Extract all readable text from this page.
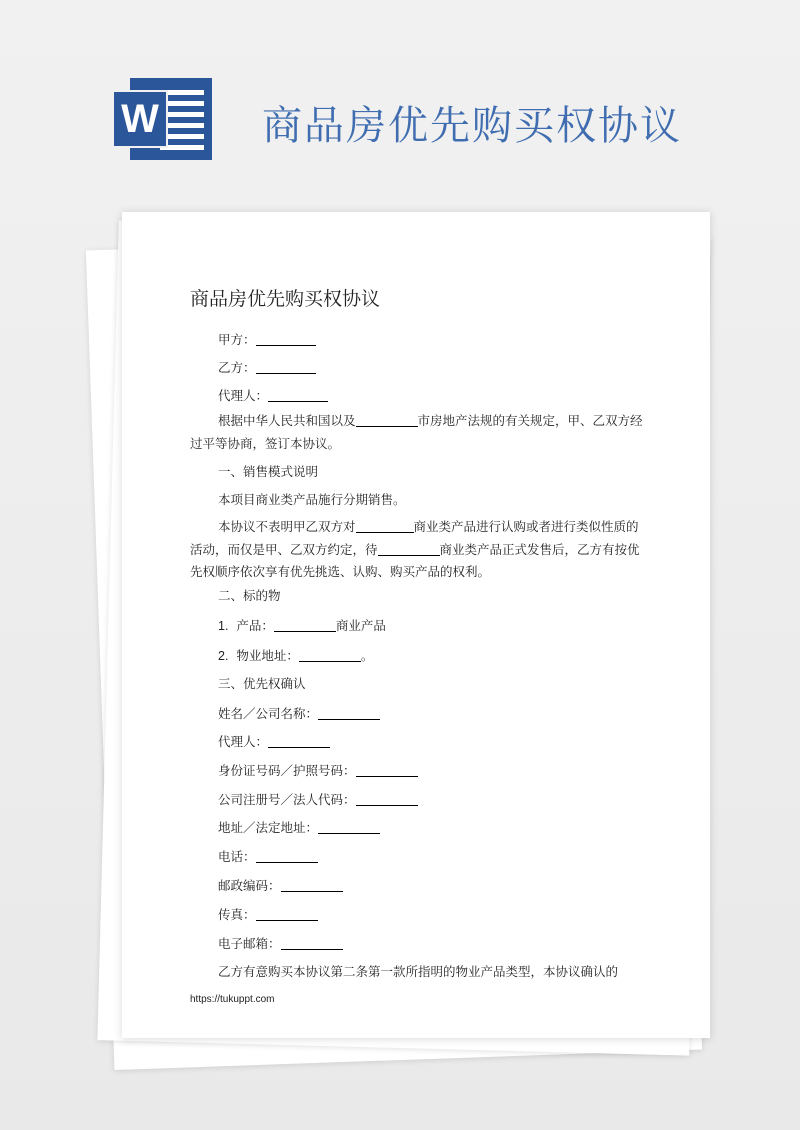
W	商品房优先购买权协议
商品房优先购买权协议
甲方：
乙方：
代理人：
根据中华人民共和国以及	市房地产法规的有关规定，甲、乙双方经过平等协商，签订本协议。
一、销售模式说明
本项目商业类产品施行分期销售。
本协议不表明甲乙双方对	商业类产品进行认购或者进行类似性质的活动，而仅是甲、乙双方约定，待	商业类产品正式发售后，乙方有按优先权顺序依次享有优先挑选、认购、购买产品的权利。
二、标的物
1. 产品：	商业产品
2. 物业地址：	。
三、优先权确认
姓名／公司名称：
代理人：
身份证号码／护照号码：
公司注册号／法人代码：
地址／法定地址：
电话：
邮政编码：
传真：
电子邮箱：
乙方有意购买本协议第二条第一款所指明的物业产品类型，本协议确认的
https://tukuppt.com
